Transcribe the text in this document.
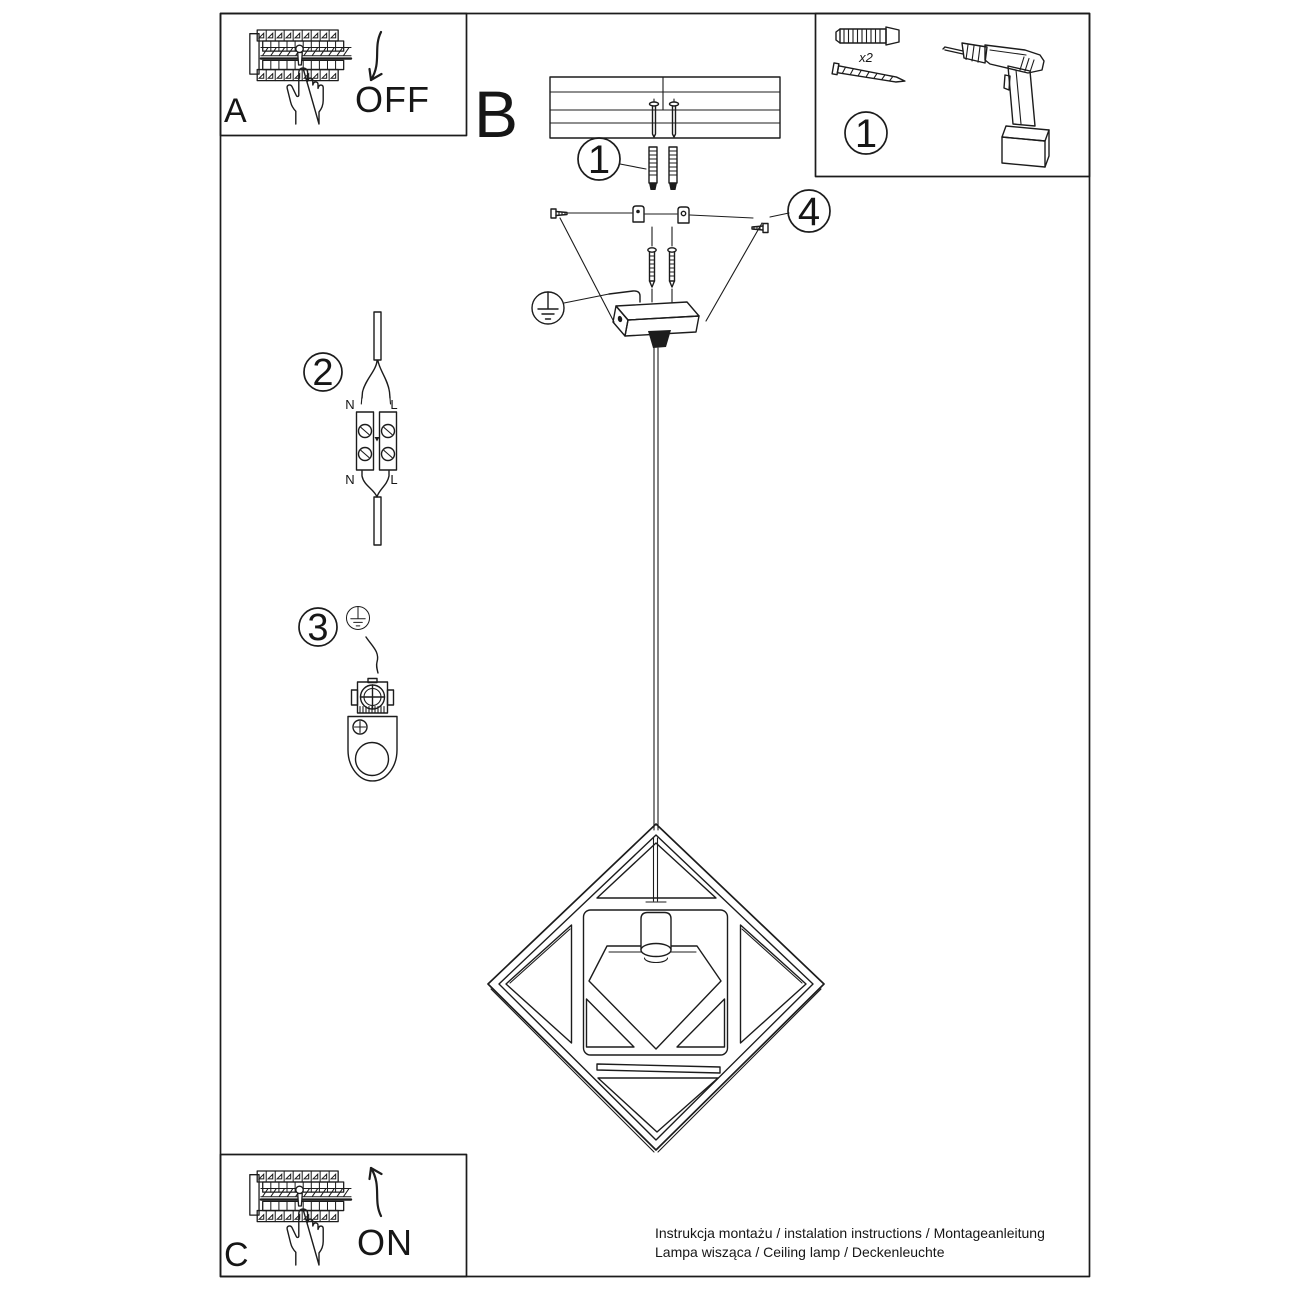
A	OFF
x2
1
B
1
4
2
N	L
N	L
3
C	ON	Instrukcja montażu / instalation instructions / Montageanleitung
Lampa wisząca / Ceiling lamp / Deckenleuchte
